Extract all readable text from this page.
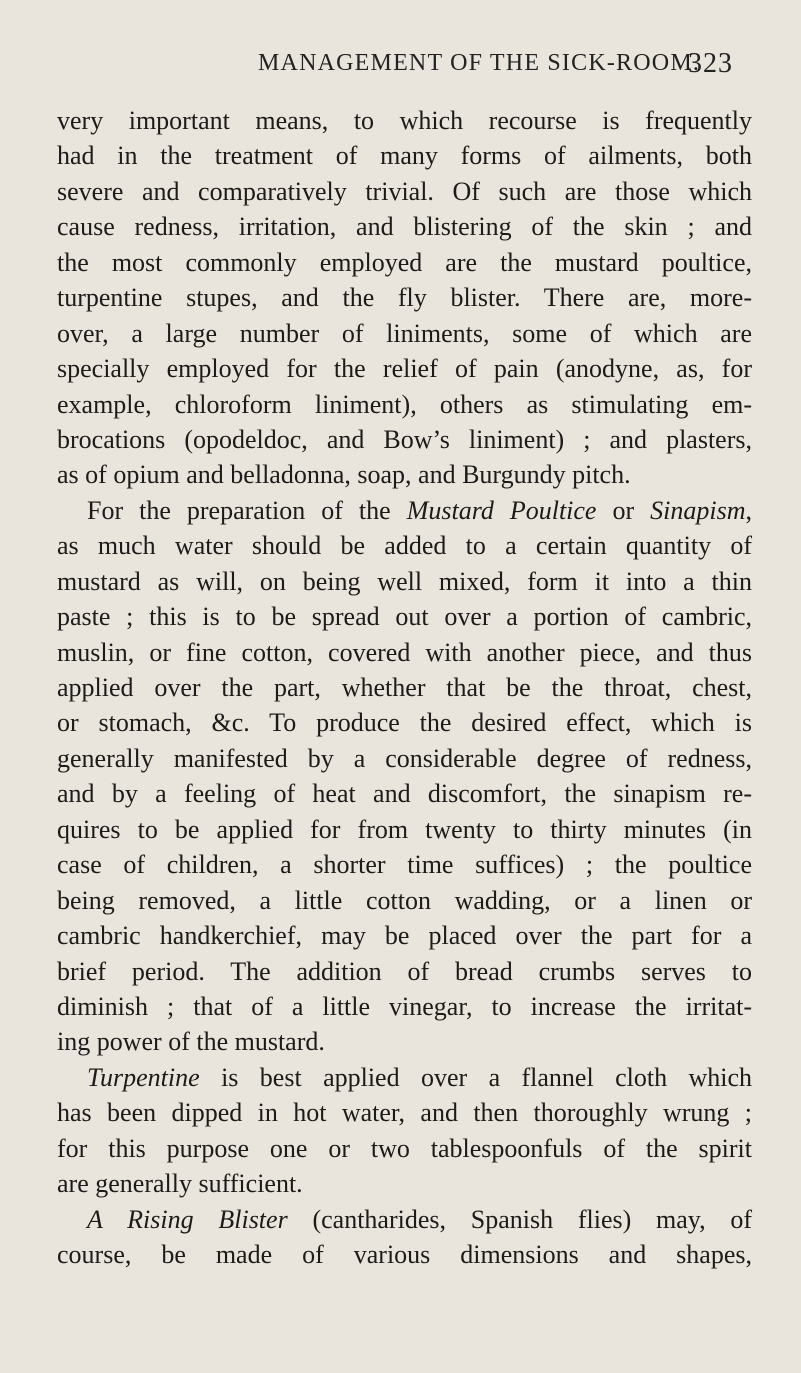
MANAGEMENT OF THE SICK-ROOM.
323
very important means, to which recourse is frequently
had in the treatment of many forms of ailments, both
severe and comparatively trivial. Of such are those which
cause redness, irritation, and blistering of the skin ; and
the most commonly employed are the mustard poultice,
turpentine stupes, and the fly blister. There are, more-
over, a large number of liniments, some of which are
specially employed for the relief of pain (anodyne, as, for
example, chloroform liniment), others as stimulating em-
brocations (opodeldoc, and Bow’s liniment) ; and plasters,
as of opium and belladonna, soap, and Burgundy pitch.
For the preparation of the Mustard Poultice or Sinapism,
as much water should be added to a certain quantity of
mustard as will, on being well mixed, form it into a thin
paste ; this is to be spread out over a portion of cambric,
muslin, or fine cotton, covered with another piece, and thus
applied over the part, whether that be the throat, chest,
or stomach, &c. To produce the desired effect, which is
generally manifested by a considerable degree of redness,
and by a feeling of heat and discomfort, the sinapism re-
quires to be applied for from twenty to thirty minutes (in
case of children, a shorter time suffices) ; the poultice
being removed, a little cotton wadding, or a linen or
cambric handkerchief, may be placed over the part for a
brief period. The addition of bread crumbs serves to
diminish ; that of a little vinegar, to increase the irritat-
ing power of the mustard.
Turpentine is best applied over a flannel cloth which
has been dipped in hot water, and then thoroughly wrung ;
for this purpose one or two tablespoonfuls of the spirit
are generally sufficient.
A Rising Blister (cantharides, Spanish flies) may, of
course, be made of various dimensions and shapes,
